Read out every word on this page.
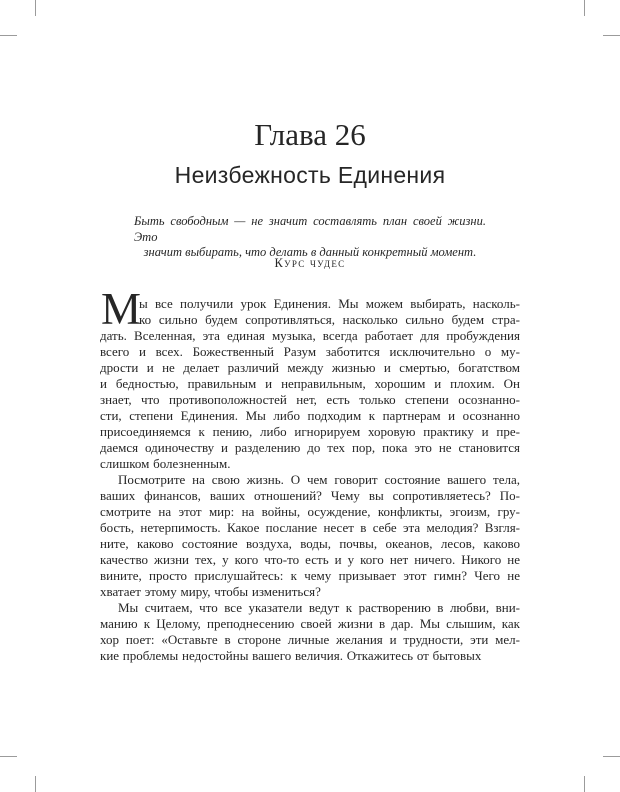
Глава 26
Неизбежность Единения
Быть свободным — не значит составлять план своей жизни. Это
значит выбирать, что делать в данный конкретный момент.
Курс чудес
М
ы все получили урок Единения. Мы можем выбирать, насколь-
ко сильно будем сопротивляться, насколько сильно будем стра-
дать. Вселенная, эта единая музыка, всегда работает для пробуждения
всего и всех. Божественный Разум заботится исключительно о му-
дрости и не делает различий между жизнью и смертью, богатством
и бедностью, правильным и неправильным, хорошим и плохим. Он
знает, что противоположностей нет, есть только степени осознанно-
сти, степени Единения. Мы либо подходим к партнерам и осознанно
присоединяемся к пению, либо игнорируем хоровую практику и пре-
даемся одиночеству и разделению до тех пор, пока это не становится
слишком болезненным.
Посмотрите на свою жизнь. О чем говорит состояние вашего тела,
ваших финансов, ваших отношений? Чему вы сопротивляетесь? По-
смотрите на этот мир: на войны, осуждение, конфликты, эгоизм, гру-
бость, нетерпимость. Какое послание несет в себе эта мелодия? Взгля-
ните, каково состояние воздуха, воды, почвы, океанов, лесов, каково
качество жизни тех, у кого что-то есть и у кого нет ничего. Никого не
вините, просто прислушайтесь: к чему призывает этот гимн? Чего не
хватает этому миру, чтобы измениться?
Мы считаем, что все указатели ведут к растворению в любви, вни-
манию к Целому, преподнесению своей жизни в дар. Мы слышим, как
хор поет: «Оставьте в стороне личные желания и трудности, эти мел-
кие проблемы недостойны вашего величия. Откажитесь от бытовых
